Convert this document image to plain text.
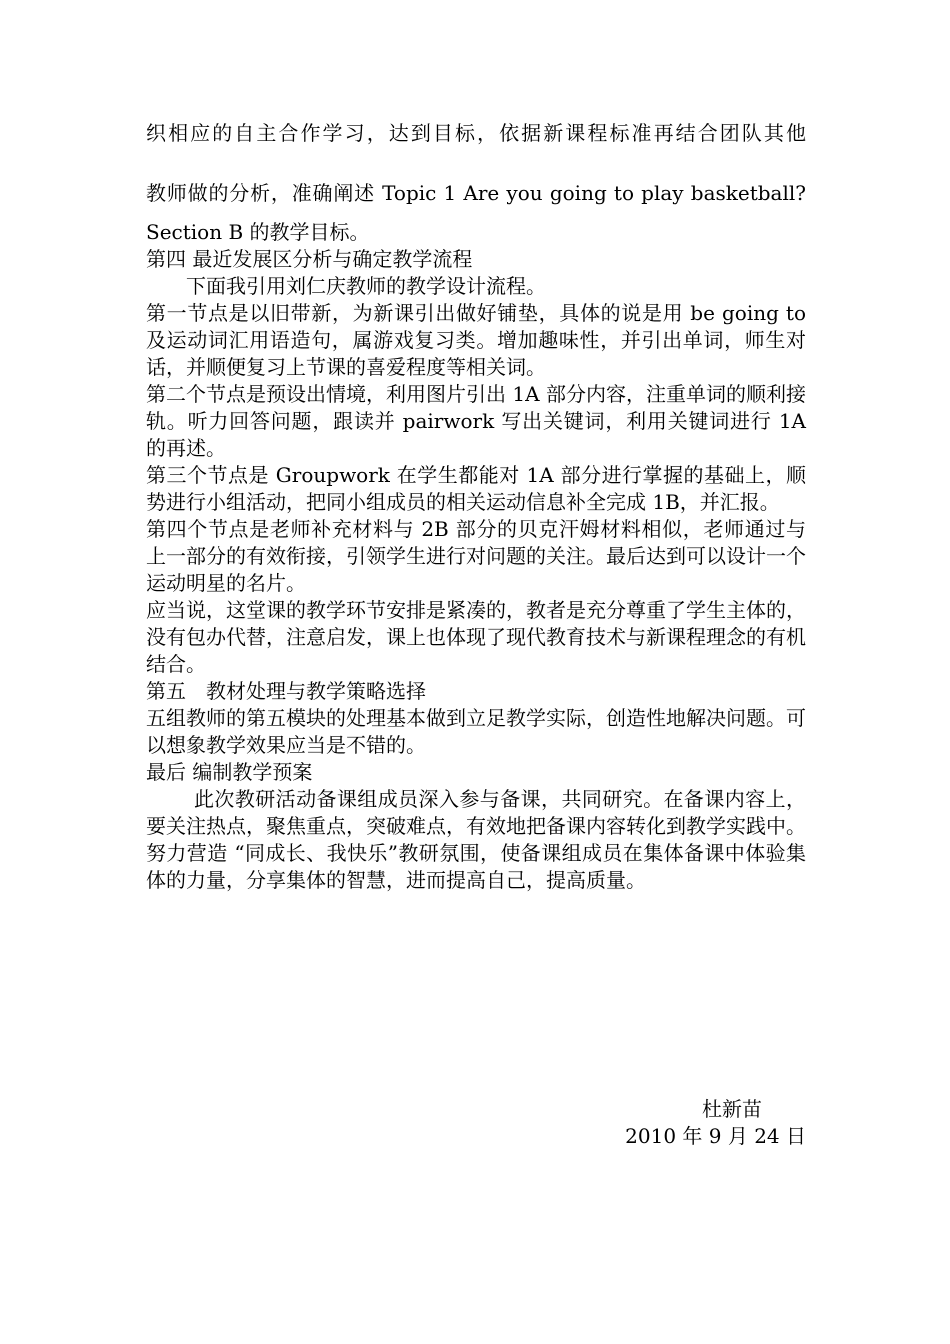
织相应的自主合作学习，达到目标，依据新课程标准再结合团队其他

教师做的分析，准确阐述 Topic 1 Are you going to play basketball?

Section B 的教学目标。

第四 最近发展区分析与确定教学流程

下面我引用刘仁庆教师的教学设计流程。

第一节点是以旧带新，为新课引出做好铺垫，具体的说是用 be going to 及运动词汇用语造句，属游戏复习类。增加趣味性，并引出单词，师生对话，并顺便复习上节课的喜爱程度等相关词。

第二个节点是预设出情境，利用图片引出 1A 部分内容，注重单词的顺利接轨。听力回答问题，跟读并 pairwork 写出关键词，利用关键词进行 1A 的再述。

第三个节点是 Groupwork 在学生都能对 1A 部分进行掌握的基础上，顺势进行小组活动，把同小组成员的相关运动信息补全完成 1B，并汇报。

第四个节点是老师补充材料与 2B 部分的贝克汗姆材料相似，老师通过与上一部分的有效衔接，引领学生进行对问题的关注。最后达到可以设计一个运动明星的名片。

应当说，这堂课的教学环节安排是紧凑的，教者是充分尊重了学生主体的，没有包办代替，注意启发，课上也体现了现代教育技术与新课程理念的有机结合。

第五　教材处理与教学策略选择

五组教师的第五模块的处理基本做到立足教学实际，创造性地解决问题。可以想象教学效果应当是不错的。

最后 编制教学预案

此次教研活动备课组成员深入参与备课，共同研究。在备课内容上，要关注热点，聚焦重点，突破难点，有效地把备课内容转化到教学实践中。努力营造 “同成长、我快乐”教研氛围，使备课组成员在集体备课中体验集体的力量，分享集体的智慧，进而提高自己，提高质量。

杜新苗
2010 年 9 月 24 日
